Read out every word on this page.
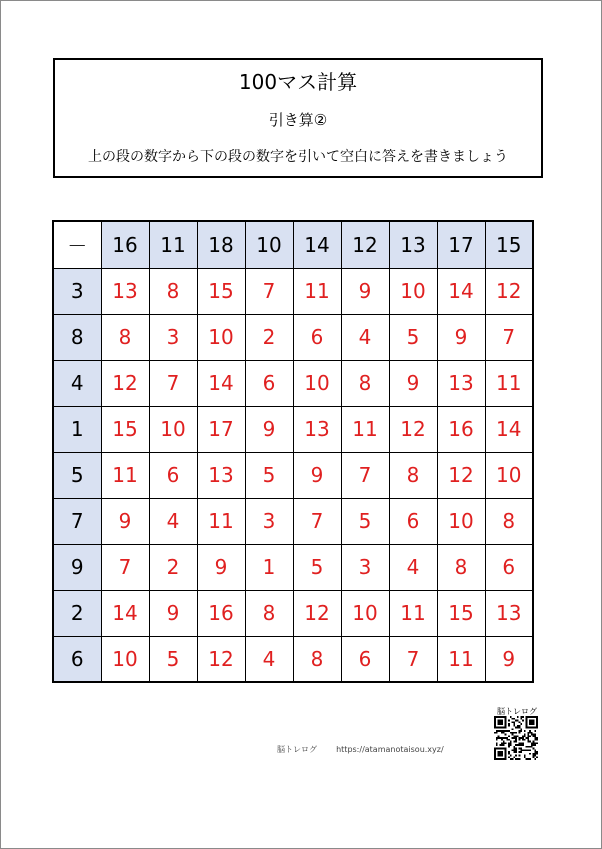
100マス計算
引き算②
上の段の数字から下の段の数字を引いて空白に答えを書きましょう
－	16	11	18	10	14	12	13	17	15
3	13	8	15	7	11	9	10	14	12
8	8	3	10	2	6	4	5	9	7
4	12	7	14	6	10	8	9	13	11
1	15	10	17	9	13	11	12	16	14
5	11	6	13	5	9	7	8	12	10
7	9	4	11	3	7	5	6	10	8
9	7	2	9	1	5	3	4	8	6
2	14	9	16	8	12	10	11	15	13
6	10	5	12	4	8	6	7	11	9
脳トレログ https://atamanotaisou.xyz/
脳トレログ
